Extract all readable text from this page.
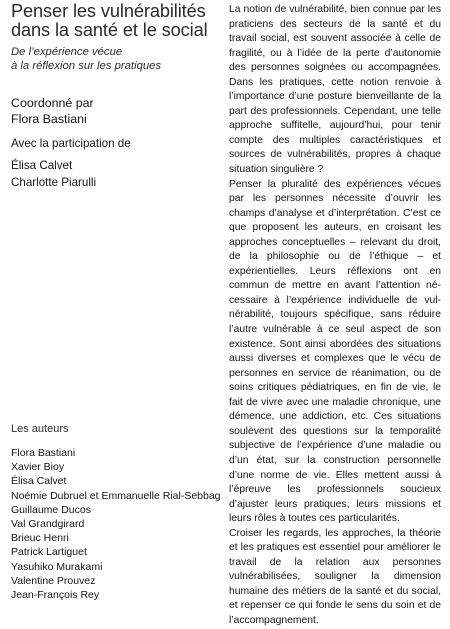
Penser les vulnérabilités
dans la santé et le social
De l’expérience vécue
à la réflexion sur les pratiques
Coordonné par
Flora Bastiani
Avec la participation de
Élisa Calvet
Charlotte Piarulli
Les auteurs
Flora Bastiani
Xavier Bioy
Élisa Calvet
Noémie Dubruel et Emmanuelle Rial-Sebbag
Guillaume Ducos
Val Grandgirard
Brieuc Henri
Patrick Lartiguet
Yasuhiko Murakami
Valentine Prouvez
Jean-François Rey

La notion de vulnérabilité, bien connue par les praticiens des secteurs de la santé et du travail social, est souvent associée à celle de fragilité, ou à l’idée de la perte d’autonomie des personnes soignées ou accompagnées. Dans les pratiques, cette notion renvoie à l’importance d’une posture bienveillante de la part des professionnels. Cependant, une telle approche suffitelle, aujourd’hui, pour tenir compte des multiples caractéristiques et sources de vulnérabilités, propres à chaque situation singulière ?

Penser la pluralité des expériences vécues par les personnes nécessite d’ouvrir les champs d’analyse et d’interprétation. C’est ce que proposent les auteurs, en croisant les approches conceptuelles – relevant du droit, de la philosophie ou de l’éthique – et expérientielles. Leurs réflexions ont en commun de mettre en avant l’attention nécessaire à l’expérience individuelle de vulnérabilité, toujours spécifique, sans réduire l’autre vulnérable à ce seul aspect de son existence. Sont ainsi abordées des situations aussi diverses et complexes que le vécu de personnes en service de réanimation, ou de soins critiques pédiatriques, en fin de vie, le fait de vivre avec une maladie chronique, une démence, une addiction, etc. Ces situations soulèvent des questions sur la temporalité subjective de l’expérience d’une maladie ou d’un état, sur la construction personnelle d’une norme de vie. Elles mettent aussi à l’épreuve les professionnels soucieux d’ajuster leurs pratiques, leurs missions et leurs rôles à toutes ces particularités.

Croiser les regards, les approches, la théorie et les pratiques est essentiel pour améliorer le travail de la relation aux personnes vulnérabilisées, souligner la dimension humaine des métiers de la santé et du social, et repenser ce qui fonde le sens du soin et de l’accompagnement.
